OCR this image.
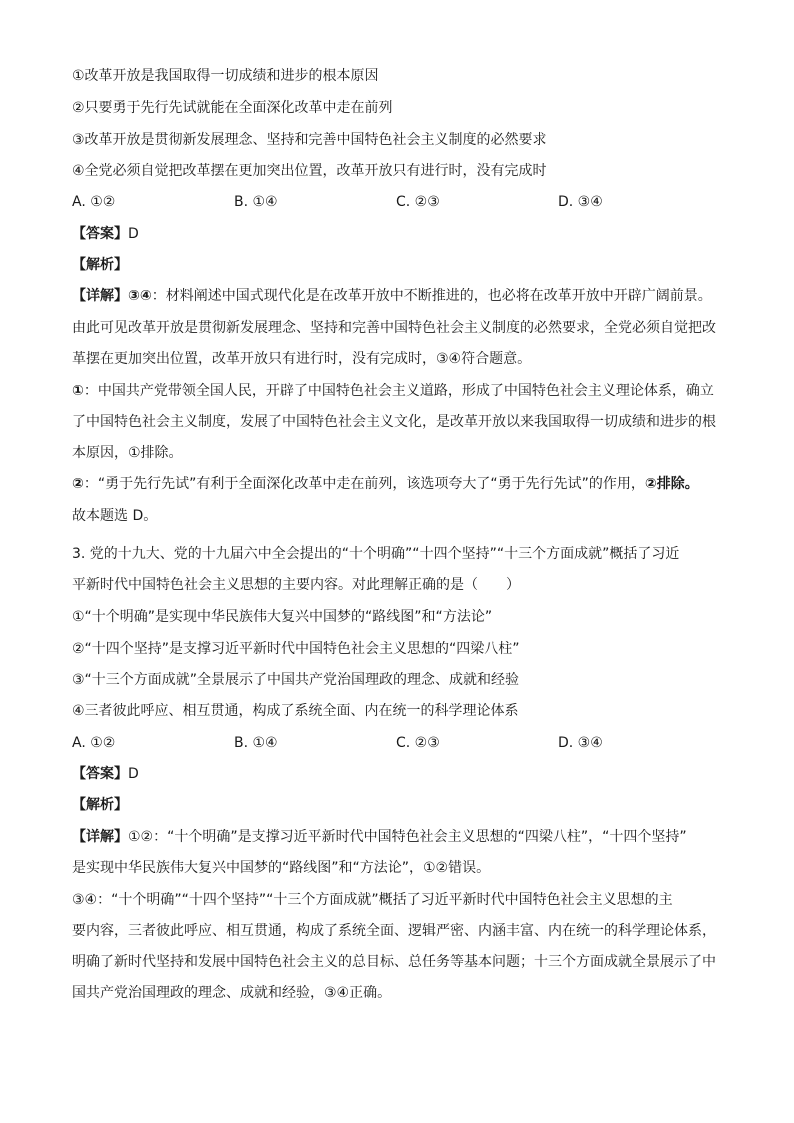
①改革开放是我国取得一切成绩和进步的根本原因
②只要勇于先行先试就能在全面深化改革中走在前列
③改革开放是贯彻新发展理念、坚持和完善中国特色社会主义制度的必然要求
④全党必须自觉把改革摆在更加突出位置，改革开放只有进行时，没有完成时
A. ①②	B. ①④	C. ②③	D. ③④
【答案】D
【解析】
【详解】③④：材料阐述中国式现代化是在改革开放中不断推进的，也必将在改革开放中开辟广阔前景。
由此可见改革开放是贯彻新发展理念、坚持和完善中国特色社会主义制度的必然要求，全党必须自觉把改
革摆在更加突出位置，改革开放只有进行时，没有完成时，③④符合题意。
①：中国共产党带领全国人民，开辟了中国特色社会主义道路，形成了中国特色社会主义理论体系，确立
了中国特色社会主义制度，发展了中国特色社会主义文化，是改革开放以来我国取得一切成绩和进步的根
本原因，①排除。
②：“勇于先行先试”有利于全面深化改革中走在前列，该选项夸大了“勇于先行先试”的作用，②排除。
故本题选 D。
3. 党的十九大、党的十九届六中全会提出的“十个明确”“十四个坚持”“十三个方面成就”概括了习近
平新时代中国特色社会主义思想的主要内容。对此理解正确的是（　　）
①“十个明确”是实现中华民族伟大复兴中国梦的“路线图”和“方法论”
②“十四个坚持”是支撑习近平新时代中国特色社会主义思想的“四梁八柱”
③“十三个方面成就”全景展示了中国共产党治国理政的理念、成就和经验
④三者彼此呼应、相互贯通，构成了系统全面、内在统一的科学理论体系
A. ①②	B. ①④	C. ②③	D. ③④
【答案】D
【解析】
【详解】①②：“十个明确”是支撑习近平新时代中国特色社会主义思想的“四梁八柱”，“十四个坚持”
是实现中华民族伟大复兴中国梦的“路线图”和“方法论”，①②错误。
③④：“十个明确”“十四个坚持”“十三个方面成就”概括了习近平新时代中国特色社会主义思想的主
要内容，三者彼此呼应、相互贯通，构成了系统全面、逻辑严密、内涵丰富、内在统一的科学理论体系，
明确了新时代坚持和发展中国特色社会主义的总目标、总任务等基本问题；十三个方面成就全景展示了中
国共产党治国理政的理念、成就和经验，③④正确。
